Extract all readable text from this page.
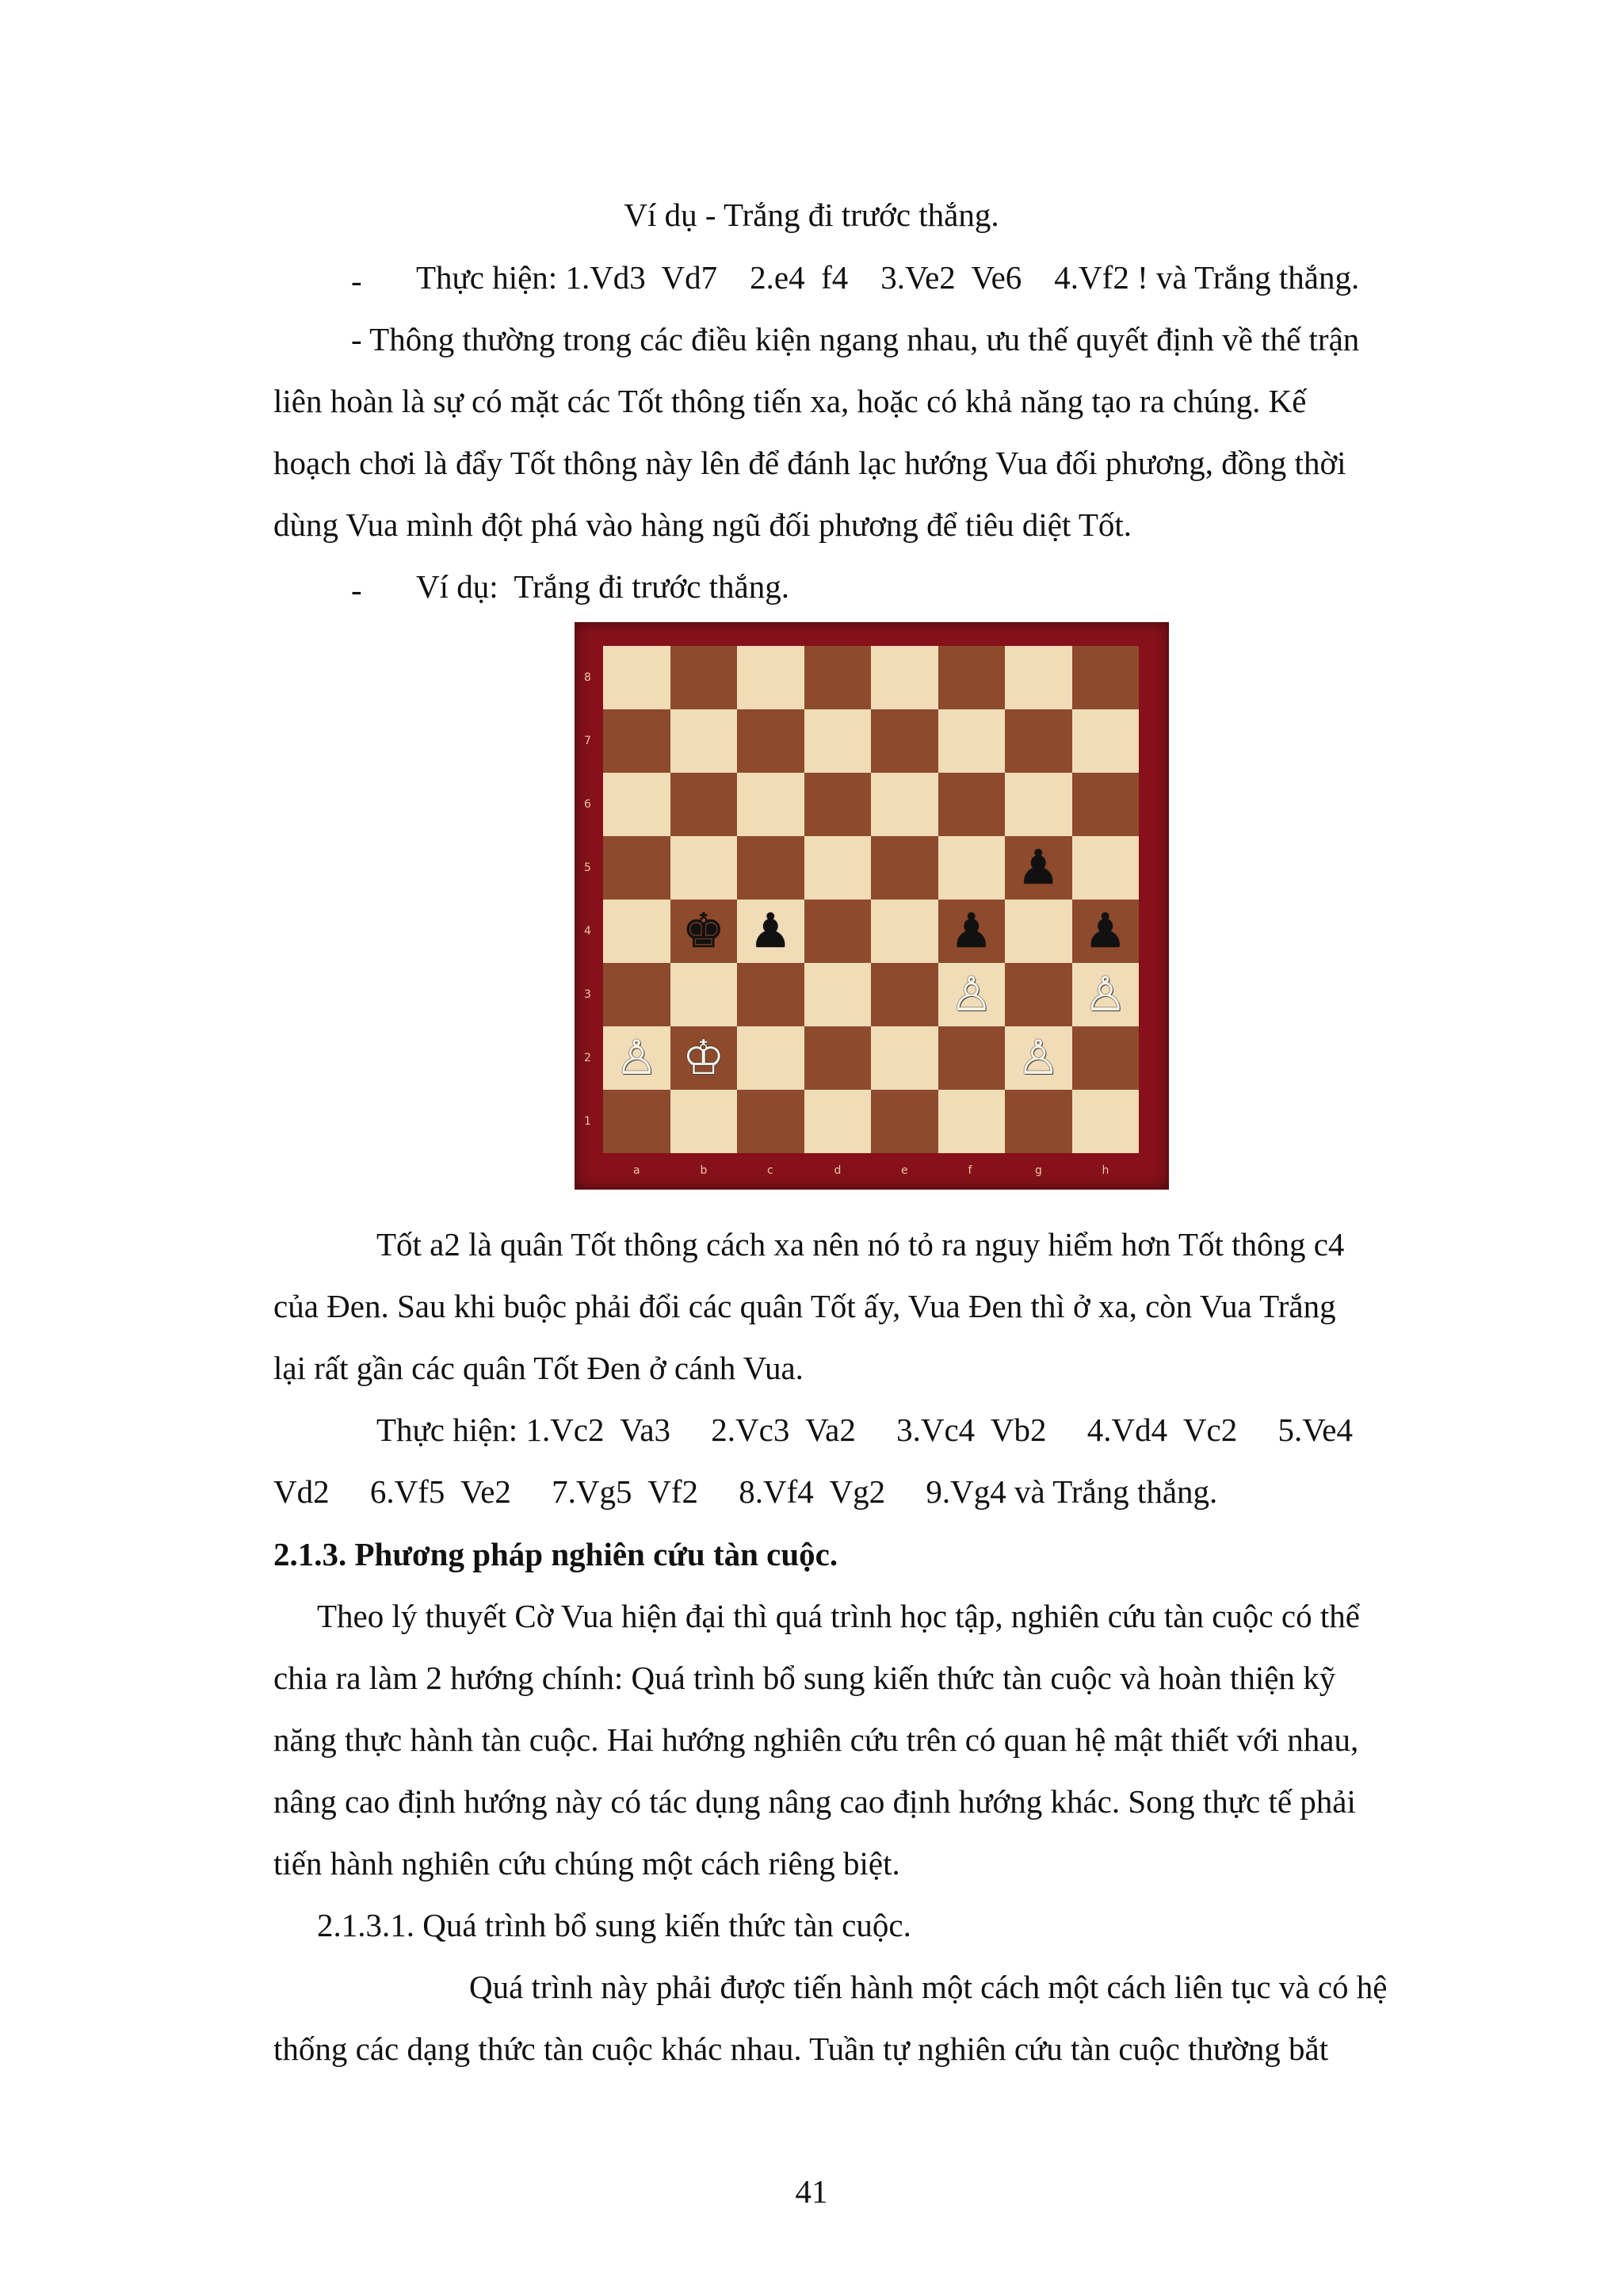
Ví dụ - Trắng đi trước thắng.
- Thực hiện: 1.Vd3  Vd7    2.e4  f4    3.Ve2  Ve6    4.Vf2 ! và Trắng thắng.
- Thông thường trong các điều kiện ngang nhau, ưu thế quyết định về thế trận
liên hoàn là sự có mặt các Tốt thông tiến xa, hoặc có khả năng tạo ra chúng. Kế
hoạch chơi là đẩy Tốt thông này lên để đánh lạc hướng Vua đối phương, đồng thời
dùng Vua mình đột phá vào hàng ngũ đối phương để tiêu diệt Tốt.
- Ví dụ:  Trắng đi trước thắng.
♟
♚ ♟	♟ ♟
♙ ♙
♙ ♔	♙
8
7
6
5
4
3
2
1
a	b	c	d	e	f	g	h
Tốt a2 là quân Tốt thông cách xa nên nó tỏ ra nguy hiểm hơn Tốt thông c4
của Đen. Sau khi buộc phải đổi các quân Tốt ấy, Vua Đen thì ở xa, còn Vua Trắng
lại rất gần các quân Tốt Đen ở cánh Vua.
Thực hiện: 1.Vc2  Va3     2.Vc3  Va2     3.Vc4  Vb2     4.Vd4  Vc2     5.Ve4
Vd2     6.Vf5  Ve2     7.Vg5  Vf2     8.Vf4  Vg2     9.Vg4 và Trắng thắng.
2.1.3. Phương pháp nghiên cứu tàn cuộc.
Theo lý thuyết Cờ Vua hiện đại thì quá trình học tập, nghiên cứu tàn cuộc có thể
chia ra làm 2 hướng chính: Quá trình bổ sung kiến thức tàn cuộc và hoàn thiện kỹ
năng thực hành tàn cuộc. Hai hướng nghiên cứu trên có quan hệ mật thiết với nhau,
nâng cao định hướng này có tác dụng nâng cao định hướng khác. Song thực tế phải
tiến hành nghiên cứu chúng một cách riêng biệt.
2.1.3.1. Quá trình bổ sung kiến thức tàn cuộc.
Quá trình này phải được tiến hành một cách một cách liên tục và có hệ
thống các dạng thức tàn cuộc khác nhau. Tuần tự nghiên cứu tàn cuộc thường bắt
41
